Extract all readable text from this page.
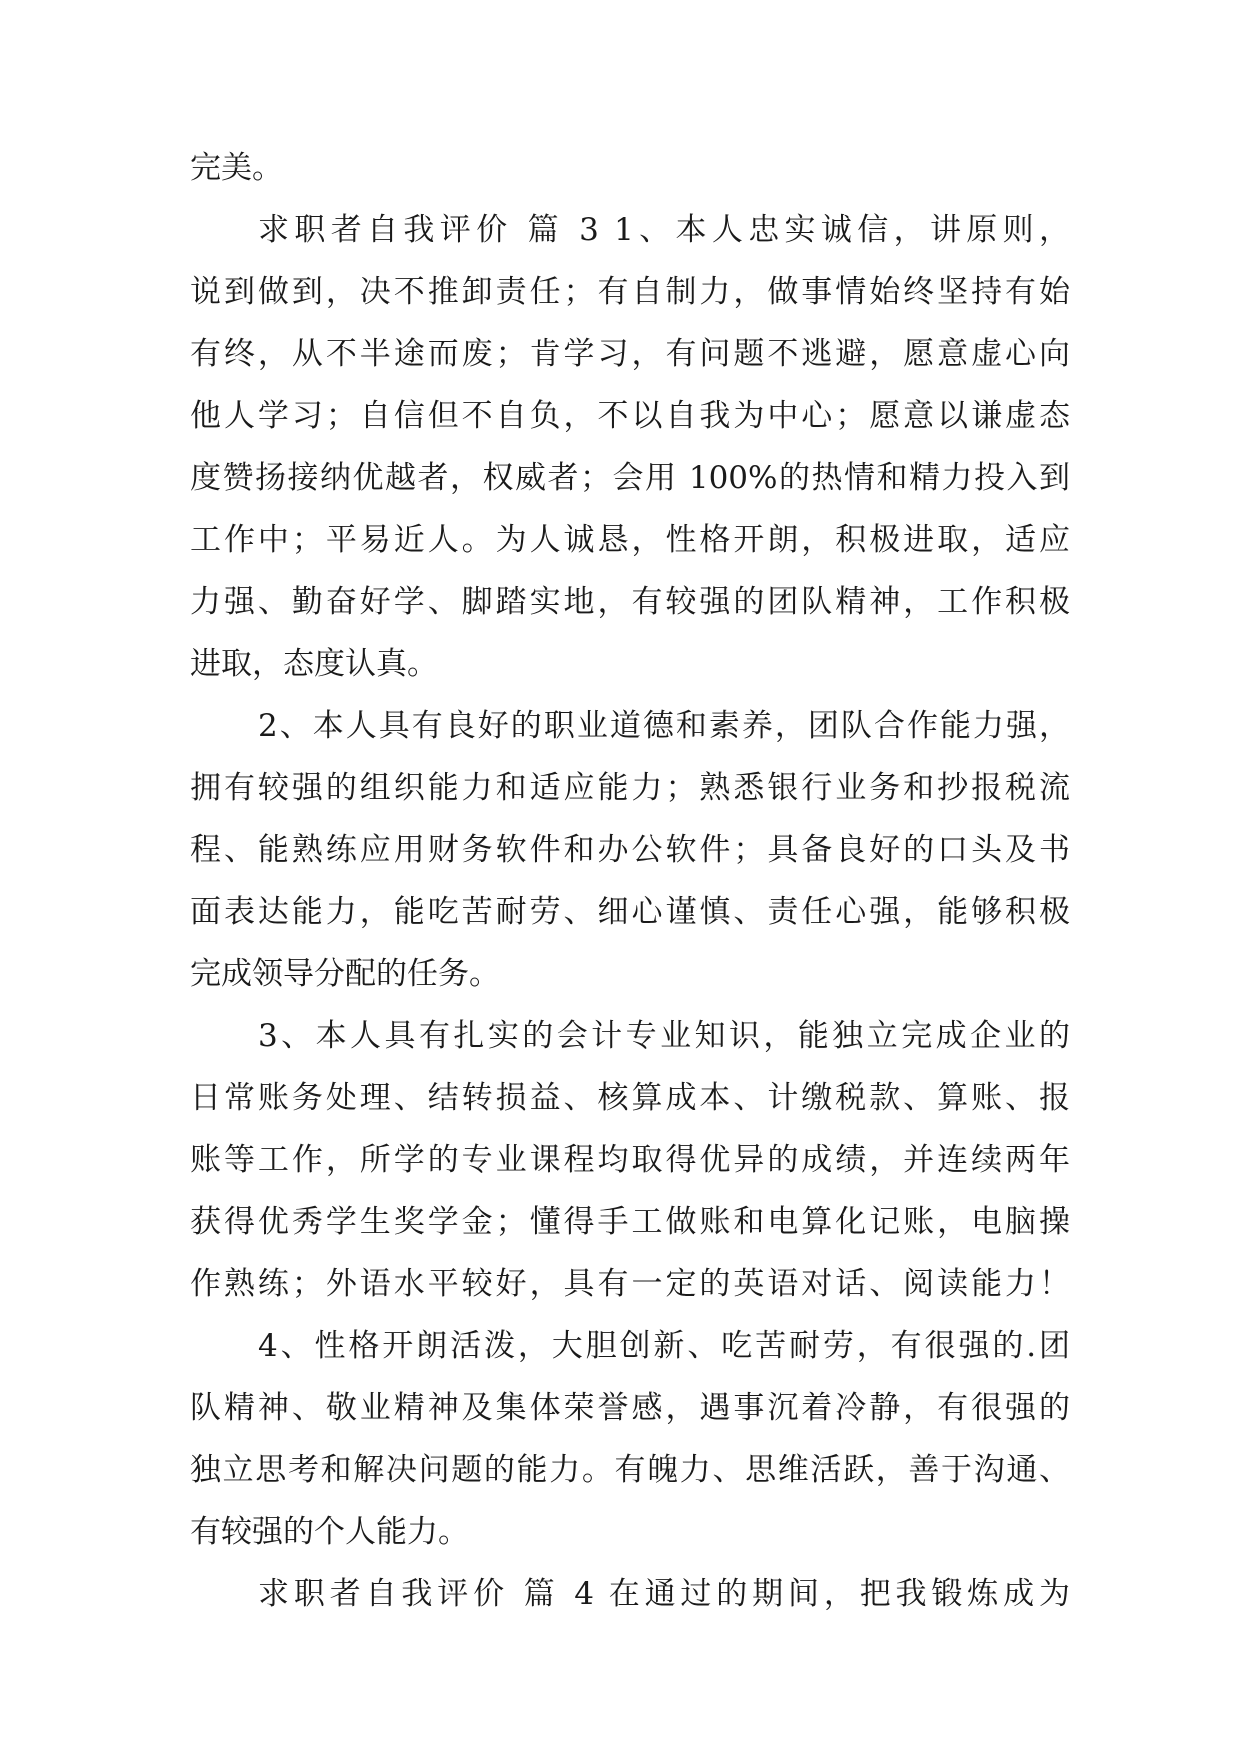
完美。
求职者自我评价 篇 3 1、本人忠实诚信，讲原则，
说到做到，决不推卸责任；有自制力，做事情始终坚持有始
有终，从不半途而废；肯学习，有问题不逃避，愿意虚心向
他人学习；自信但不自负，不以自我为中心；愿意以谦虚态
度赞扬接纳优越者，权威者；会用 100%的热情和精力投入到
工作中；平易近人。为人诚恳，性格开朗，积极进取，适应
力强、勤奋好学、脚踏实地，有较强的团队精神，工作积极
进取，态度认真。
2、本人具有良好的职业道德和素养，团队合作能力强，
拥有较强的组织能力和适应能力；熟悉银行业务和抄报税流
程、能熟练应用财务软件和办公软件；具备良好的口头及书
面表达能力，能吃苦耐劳、细心谨慎、责任心强，能够积极
完成领导分配的任务。
3、本人具有扎实的会计专业知识，能独立完成企业的
日常账务处理、结转损益、核算成本、计缴税款、算账、报
账等工作，所学的专业课程均取得优异的成绩，并连续两年
获得优秀学生奖学金；懂得手工做账和电算化记账，电脑操
作熟练；外语水平较好，具有一定的英语对话、阅读能力！
4、性格开朗活泼，大胆创新、吃苦耐劳，有很强的.团
队精神、敬业精神及集体荣誉感，遇事沉着冷静，有很强的
独立思考和解决问题的能力。有魄力、思维活跃，善于沟通、
有较强的个人能力。
求职者自我评价 篇 4 在通过的期间，把我锻炼成为
